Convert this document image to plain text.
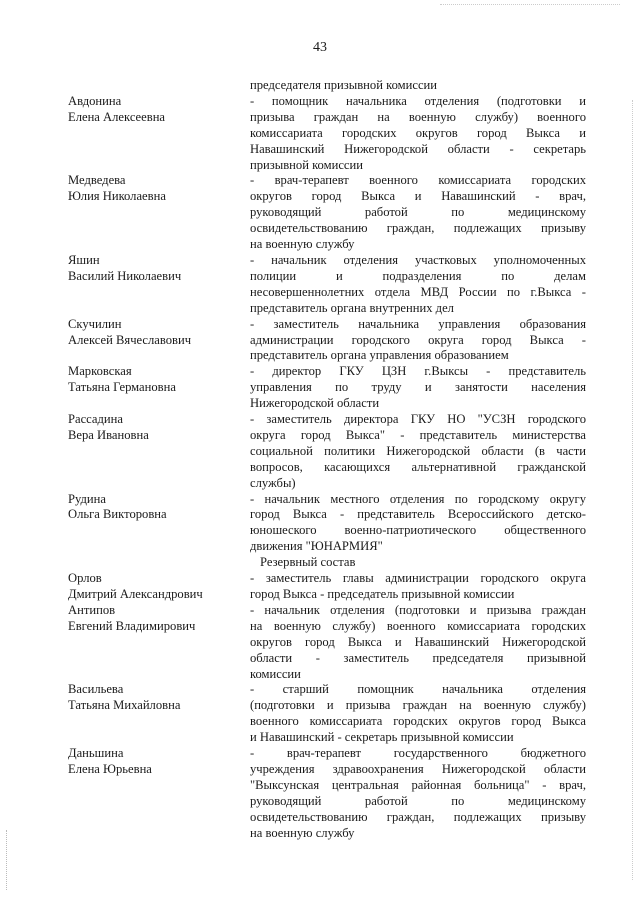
43
председателя призывной комиссии
Авдонина
Елена Алексеевна
- помощник начальника отделения (подготовки и
призыва граждан на военную службу) военного
комиссариата городских округов город Выкса и
Навашинский Нижегородской области - секретарь
призывной комиссии
Медведева
Юлия Николаевна
- врач-терапевт военного комиссариата городских
округов город Выкса и Навашинский - врач,
руководящий работой по медицинскому
освидетельствованию граждан, подлежащих призыву
на военную службу
Яшин
Василий Николаевич
- начальник отделения участковых уполномоченных
полиции и подразделения по делам
несовершеннолетних отдела МВД России по г.Выкса -
представитель органа внутренних дел
Скучилин
Алексей Вячеславович
- заместитель начальника управления образования
администрации городского округа город Выкса -
представитель органа управления образованием
Марковская
Татьяна Германовна
- директор ГКУ ЦЗН г.Выксы - представитель
управления по труду и занятости населения
Нижегородской области
Рассадина
Вера Ивановна
- заместитель директора ГКУ НО "УСЗН городского
округа город Выкса" - представитель министерства
социальной политики Нижегородской области (в части
вопросов, касающихся альтернативной гражданской
службы)
Рудина
Ольга Викторовна
- начальник местного отделения по городскому округу
город Выкса - представитель Всероссийского детско-
юношеского военно-патриотического общественного
движения "ЮНАРМИЯ"
Резервный состав
Орлов
Дмитрий Александрович
- заместитель главы администрации городского округа
город Выкса - председатель призывной комиссии
Антипов
Евгений Владимирович
- начальник отделения (подготовки и призыва граждан
на военную службу) военного комиссариата городских
округов город Выкса и Навашинский Нижегородской
области - заместитель председателя призывной
комиссии
Васильева
Татьяна Михайловна
- старший помощник начальника отделения
(подготовки и призыва граждан на военную службу)
военного комиссариата городских округов город Выкса
и Навашинский - секретарь призывной комиссии
Даньшина
Елена Юрьевна
- врач-терапевт государственного бюджетного
учреждения здравоохранения Нижегородской области
"Выксунская центральная районная больница" - врач,
руководящий работой по медицинскому
освидетельствованию граждан, подлежащих призыву
на военную службу
